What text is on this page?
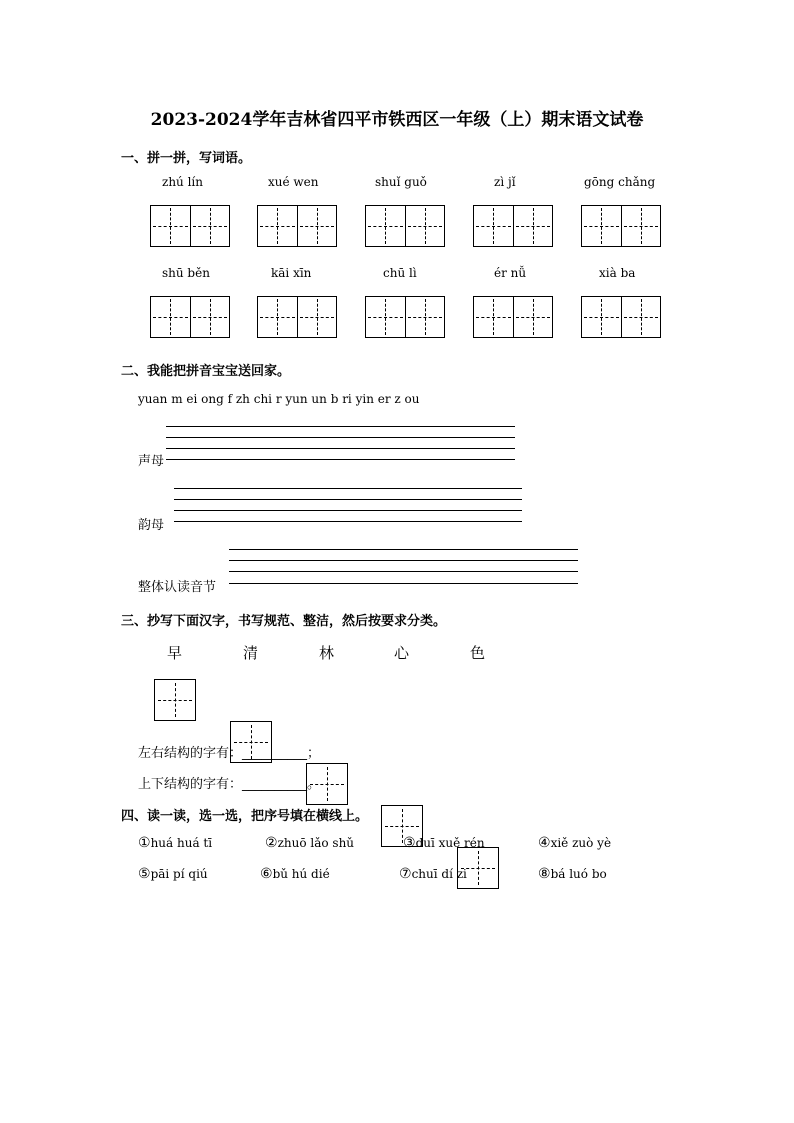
2023-2024学年吉林省四平市铁西区一年级（上）期末语文试卷
一、拼一拼，写词语。
zhú lín	xué wen	shuǐ guǒ	zì jǐ	gōng chǎng
shū běn	kāi xīn	chū lì	ér nǚ	xià ba
二、我能把拼音宝宝送回家。
yuan m ei ong f zh chi r yun un b ri yin er z ou
声母
韵母
整体认读音节
三、抄写下面汉字，书写规范、整洁，然后按要求分类。
早	清	林	心	色
左右结构的字有：__________；
上下结构的字有：__________。
四、读一读，选一选，把序号填在横线上。
①huá huá tī	②zhuō lǎo shǔ	③duī xuě rén	④xiě zuò yè
⑤pāi pí qiú	⑥bǔ hú dié	⑦chuī dí zi	⑧bá luó bo
